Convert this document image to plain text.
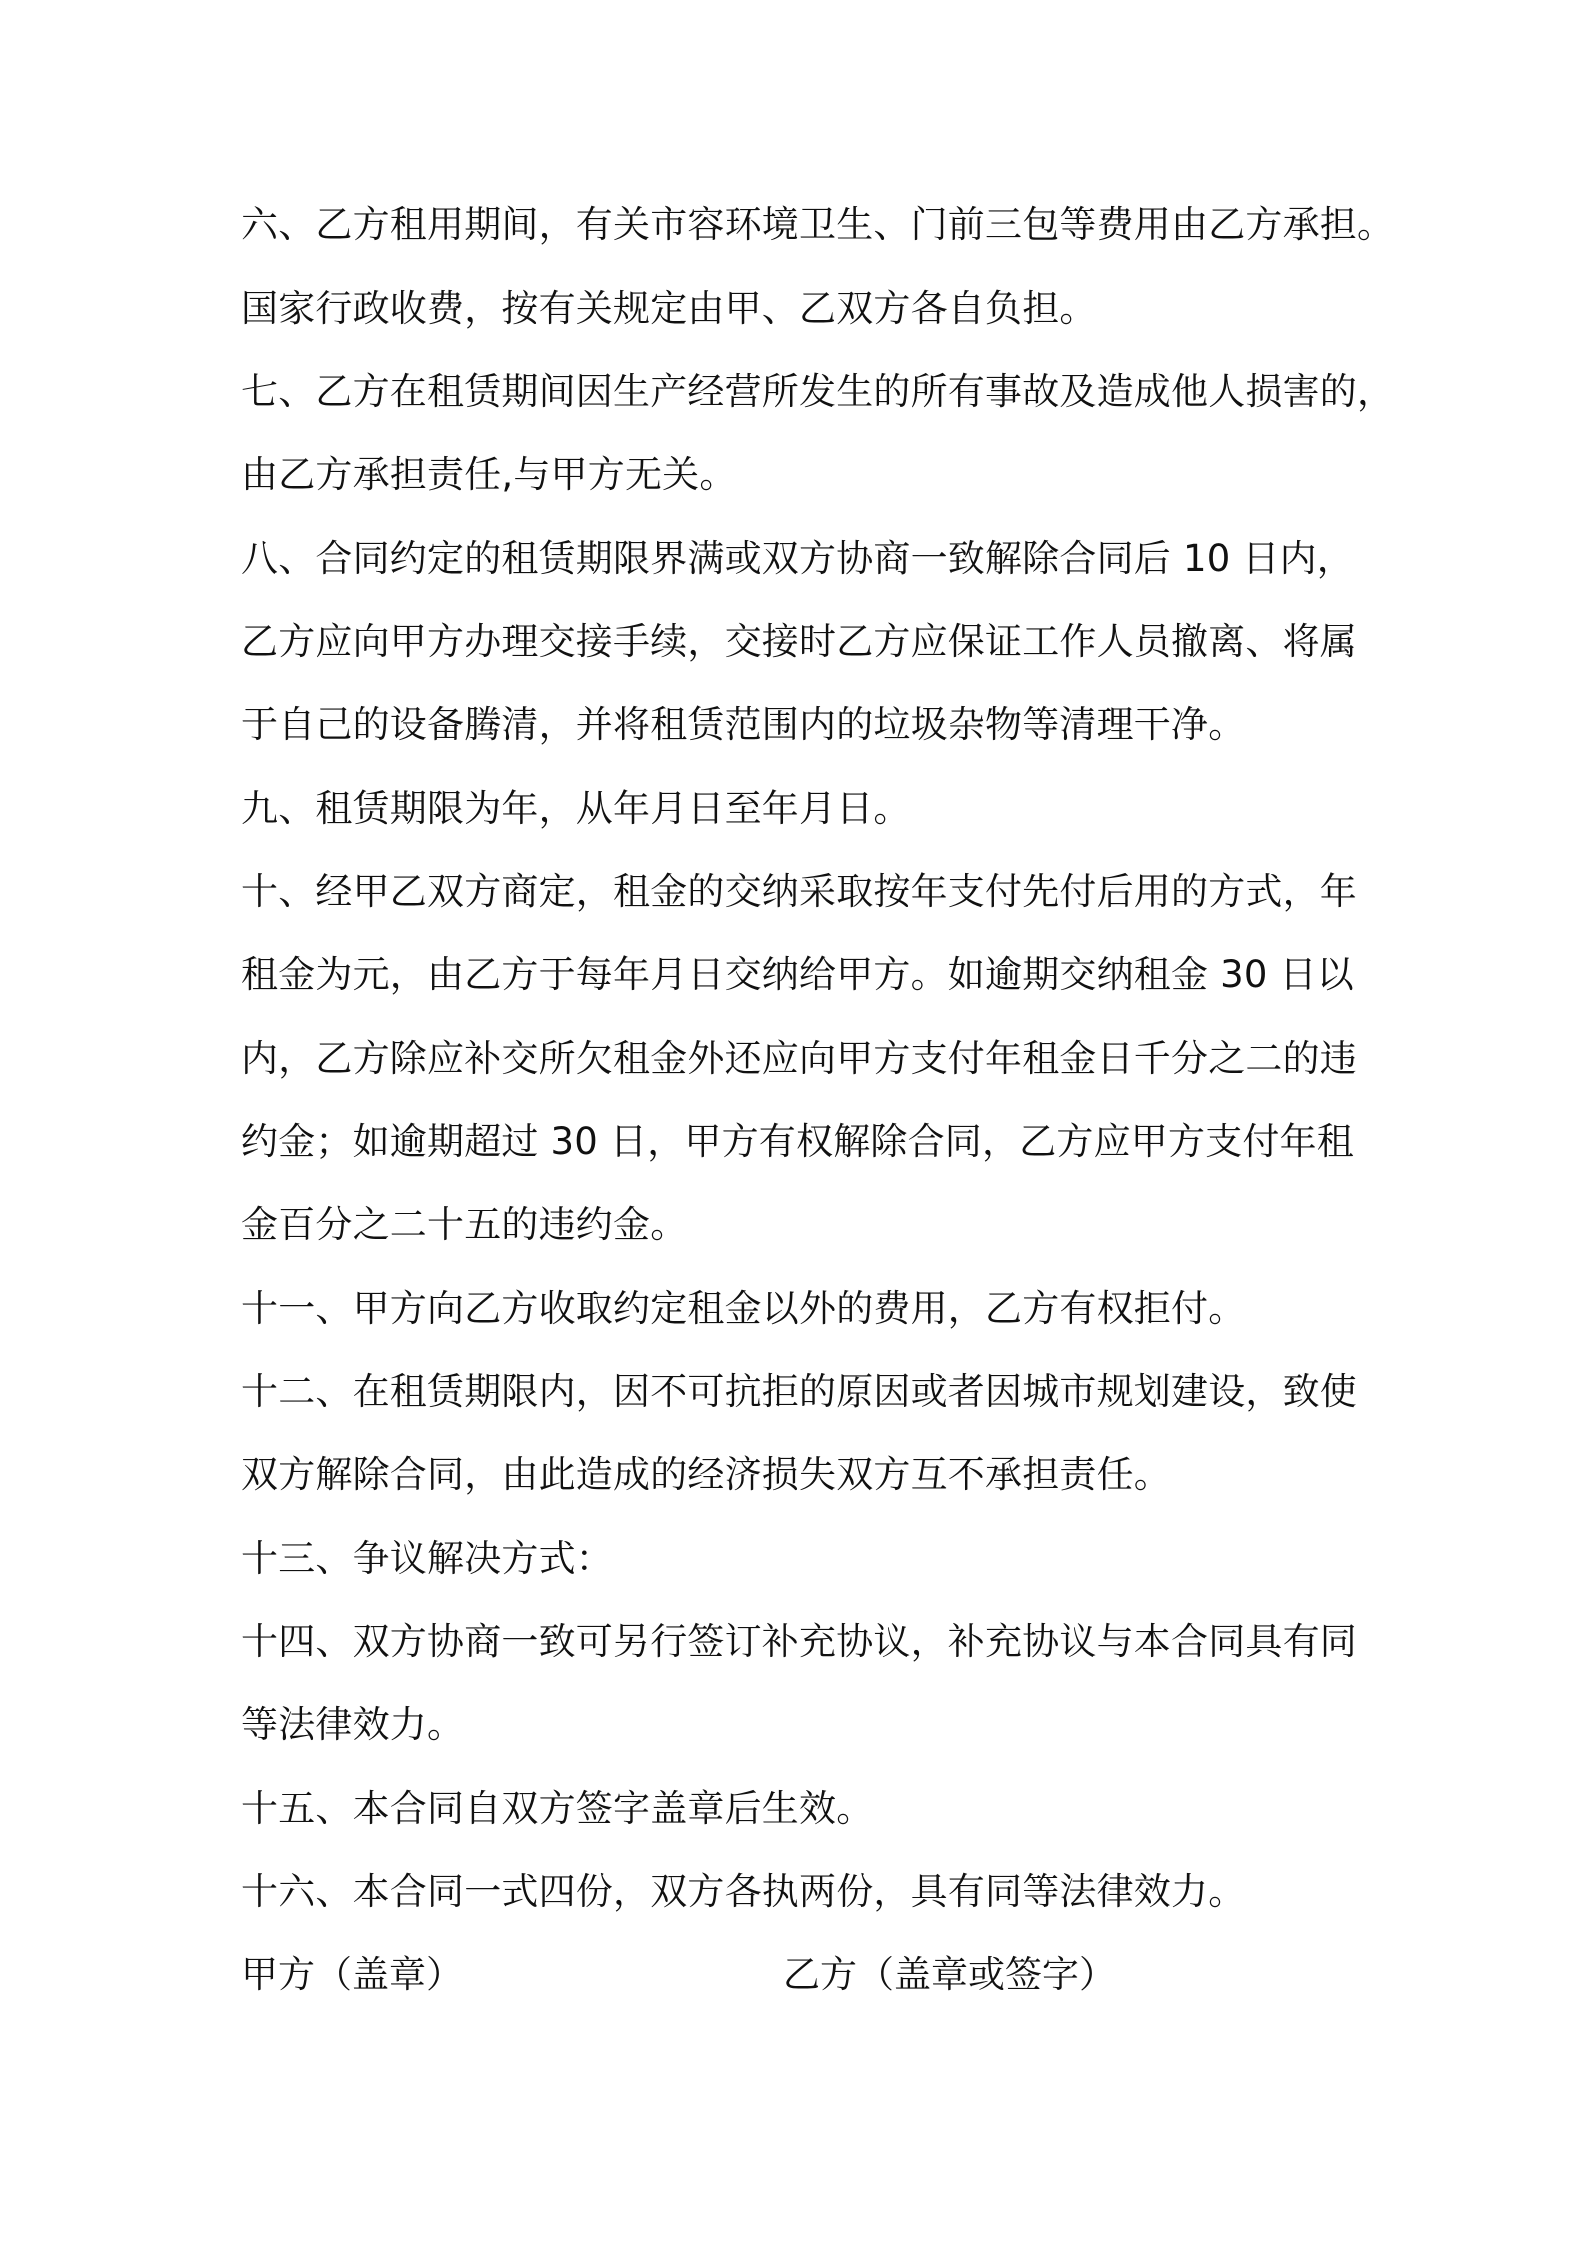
六、乙方租用期间，有关市容环境卫生、门前三包等费用由乙方承担。
国家行政收费，按有关规定由甲、乙双方各自负担。
七、乙方在租赁期间因生产经营所发生的所有事故及造成他人损害的，
由乙方承担责任,与甲方无关。
八、合同约定的租赁期限界满或双方协商一致解除合同后 10 日内，
乙方应向甲方办理交接手续，交接时乙方应保证工作人员撤离、将属
于自己的设备腾清，并将租赁范围内的垃圾杂物等清理干净。
九、租赁期限为年，从年月日至年月日。
十、经甲乙双方商定，租金的交纳采取按年支付先付后用的方式，年
租金为元，由乙方于每年月日交纳给甲方。如逾期交纳租金 30 日以
内，乙方除应补交所欠租金外还应向甲方支付年租金日千分之二的违
约金；如逾期超过 30 日，甲方有权解除合同，乙方应甲方支付年租
金百分之二十五的违约金。
十一、甲方向乙方收取约定租金以外的费用，乙方有权拒付。
十二、在租赁期限内，因不可抗拒的原因或者因城市规划建设，致使
双方解除合同，由此造成的经济损失双方互不承担责任。
十三、争议解决方式：
十四、双方协商一致可另行签订补充协议，补充协议与本合同具有同
等法律效力。
十五、本合同自双方签字盖章后生效。
十六、本合同一式四份，双方各执两份，具有同等法律效力。
甲方（盖章）	乙方（盖章或签字）
